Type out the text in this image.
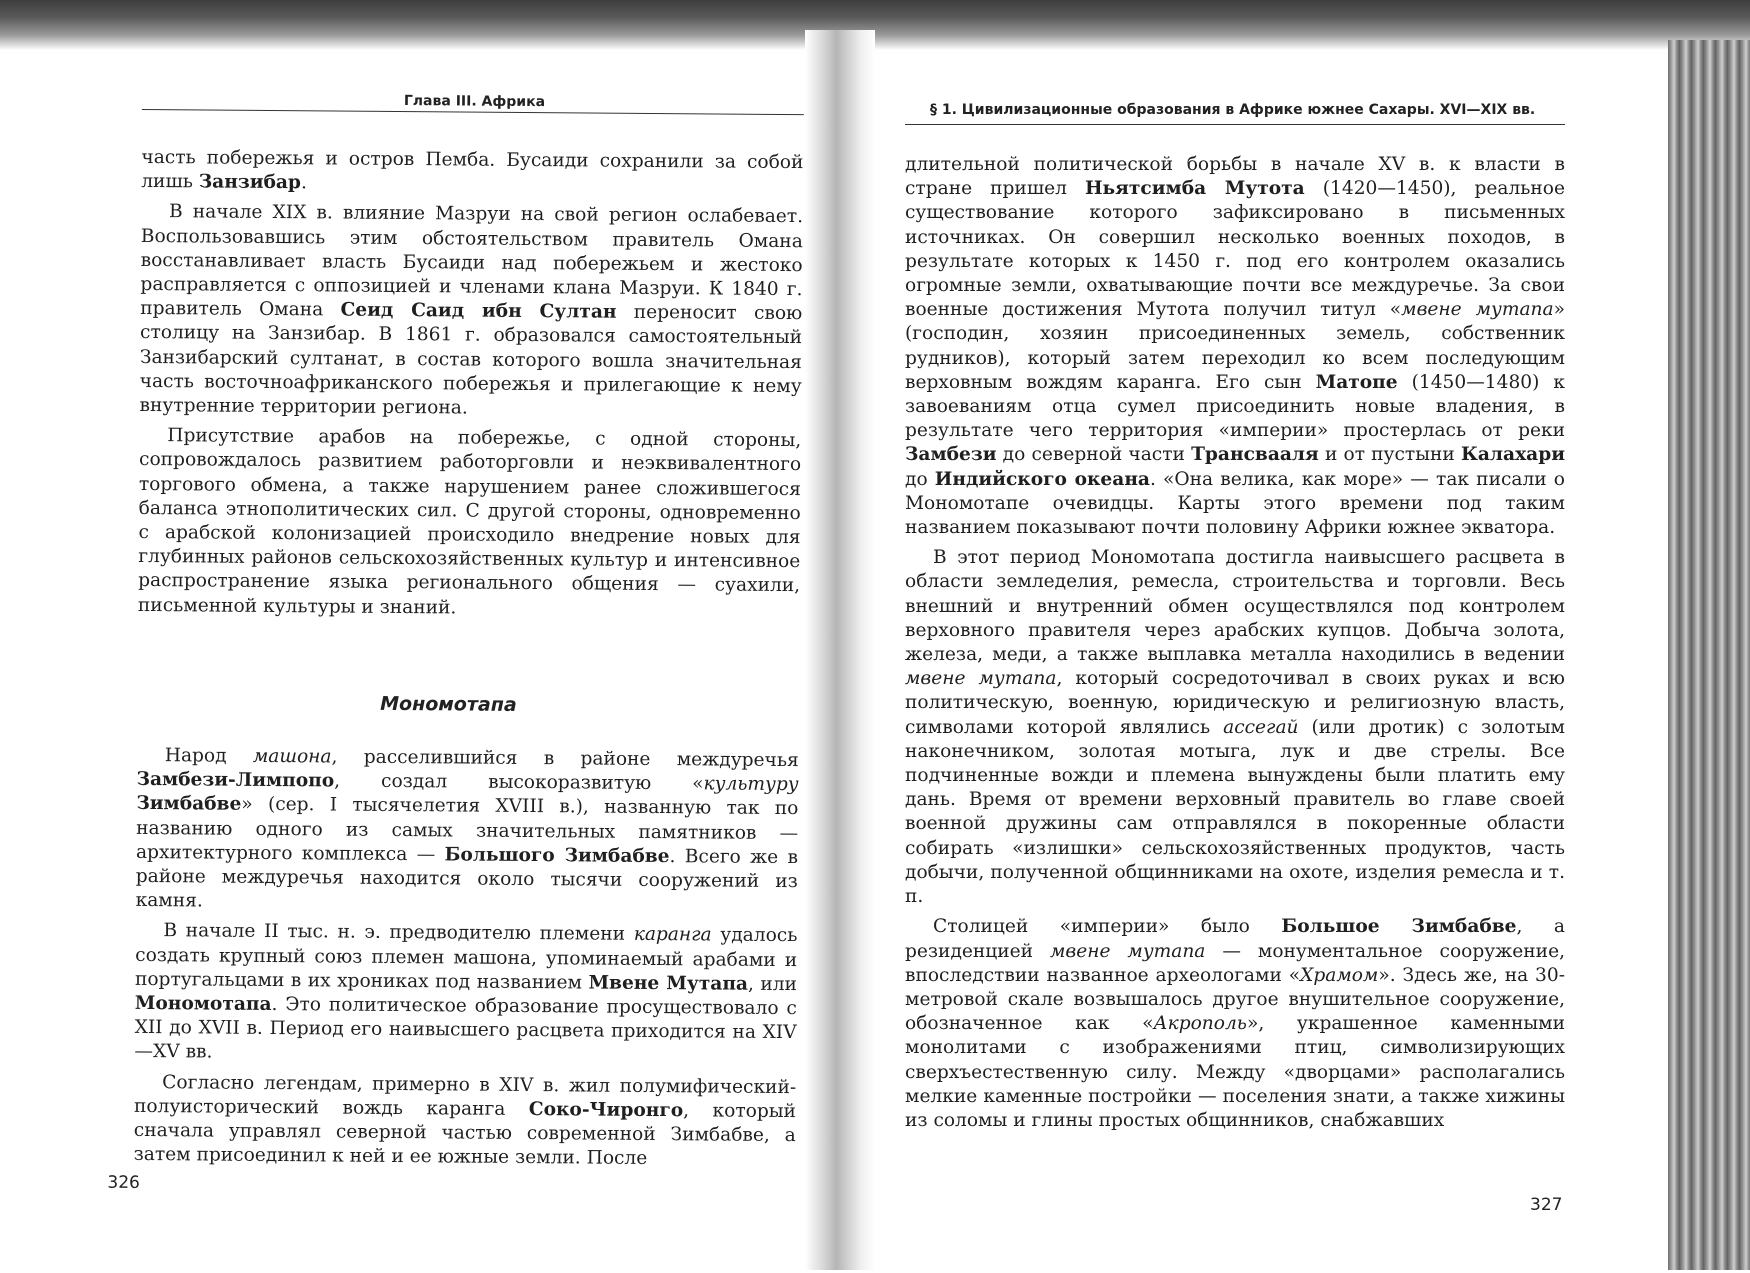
Глава III. Африка

часть побережья и остров Пемба. Бусаиди сохранили за собой лишь Занзибар.

В начале XIX в. влияние Мазруи на свой регион ослабевает. Воспользовавшись этим обстоятельством правитель Омана восстанавливает власть Бусаиди над побережьем и жестоко расправляется с оппозицией и членами клана Мазруи. К 1840 г. правитель Омана Сеид Саид ибн Султан переносит свою столицу на Занзибар. В 1861 г. образовался самостоятельный Занзибарский султанат, в состав которого вошла значительная часть восточноафриканского побережья и прилегающие к нему внутренние территории региона.

Присутствие арабов на побережье, с одной стороны, сопровождалось развитием работорговли и неэквивалентного торгового обмена, а также нарушением ранее сложившегося баланса этнополитических сил. С другой стороны, одновременно с арабской колонизацией происходило внедрение новых для глубинных районов сельскохозяйственных культур и интенсивное распространение языка регионального общения — суахили, письменной культуры и знаний.

Мономотапа

Народ машона, расселившийся в районе междуречья Замбези-Лимпопо, создал высокоразвитую «культуру Зимбабве» (сер. I тысячелетия XVIII в.), названную так по названию одного из самых значительных памятников — архитектурного комплекса — Большого Зимбабве. Всего же в районе междуречья находится около тысячи сооружений из камня.

В начале II тыс. н. э. предводителю племени каранга удалось создать крупный союз племен машона, упоминаемый арабами и португальцами в их хрониках под названием Мвене Мутапа, или Мономотапа. Это политическое образование просуществовало с XII до XVII в. Период его наивысшего расцвета приходится на XIV—XV вв.

Согласно легендам, примерно в XIV в. жил полумифический-полуисторический вождь каранга Соко-Чиронго, который сначала управлял северной частью современной Зимбабве, а затем присоединил к ней и ее южные земли. После

326
§ 1. Цивилизационные образования в Африке южнее Сахары. XVI—XIX вв.

длительной политической борьбы в начале XV в. к власти в стране пришел Ньятсимба Мутота (1420—1450), реальное существование которого зафиксировано в письменных источниках. Он совершил несколько военных походов, в результате которых к 1450 г. под его контролем оказались огромные земли, охватывающие почти все междуречье. За свои военные достижения Мутота получил титул «мвене мутапа» (господин, хозяин присоединенных земель, собственник рудников), который затем переходил ко всем последующим верховным вождям каранга. Его сын Матопе (1450—1480) к завоеваниям отца сумел присоединить новые владения, в результате чего территория «империи» простерлась от реки Замбези до северной части Трансвааля и от пустыни Калахари до Индийского океана. «Она велика, как море» — так писали о Мономотапе очевидцы. Карты этого времени под таким названием показывают почти половину Африки южнее экватора.

В этот период Мономотапа достигла наивысшего расцвета в области земледелия, ремесла, строительства и торговли. Весь внешний и внутренний обмен осуществлялся под контролем верховного правителя через арабских купцов. Добыча золота, железа, меди, а также выплавка металла находились в ведении мвене мутапа, который сосредоточивал в своих руках и всю политическую, военную, юридическую и религиозную власть, символами которой являлись ассегай (или дротик) с золотым наконечником, золотая мотыга, лук и две стрелы. Все подчиненные вожди и племена вынуждены были платить ему дань. Время от времени верховный правитель во главе своей военной дружины сам отправлялся в покоренные области собирать «излишки» сельскохозяйственных продуктов, часть добычи, полученной общинниками на охоте, изделия ремесла и т. п.

Столицей «империи» было Большое Зимбабве, а резиденцией мвене мутапа — монументальное сооружение, впоследствии названное археологами «Храмом». Здесь же, на 30-метровой скале возвышалось другое внушительное сооружение, обозначенное как «Акрополь», украшенное каменными монолитами с изображениями птиц, символизирующих сверхъестественную силу. Между «дворцами» располагались мелкие каменные постройки — поселения знати, а также хижины из соломы и глины простых общинников, снабжавших

327
